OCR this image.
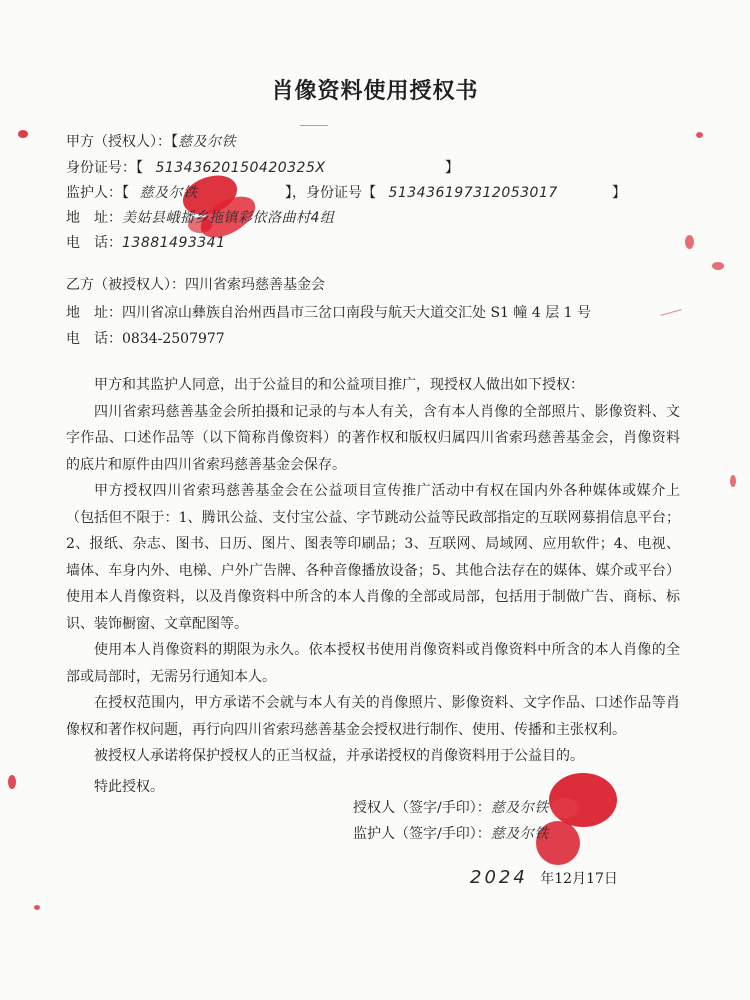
肖像资料使用授权书
甲方（授权人）：【慈及尔铁
身份证号：【 51343620150420325X	】
监护人：【 慈及尔铁	】，身份证号【 513436197312053017	】
地　址：美姑县峨播乡拖镇彩依洛曲村4组
电　话：13881493341
乙方（被授权人）：四川省索玛慈善基金会
地　址：四川省凉山彝族自治州西昌市三岔口南段与航天大道交汇处 S1 幢 4 层 1 号
电　话：0834-2507977

甲方和其监护人同意，出于公益目的和公益项目推广，现授权人做出如下授权：

四川省索玛慈善基金会所拍摄和记录的与本人有关，含有本人肖像的全部照片、影像资料、文字作品、口述作品等（以下简称肖像资料）的著作权和版权归属四川省索玛慈善基金会，肖像资料的底片和原件由四川省索玛慈善基金会保存。

甲方授权四川省索玛慈善基金会在公益项目宣传推广活动中有权在国内外各种媒体或媒介上（包括但不限于：1、腾讯公益、支付宝公益、字节跳动公益等民政部指定的互联网募捐信息平台；2、报纸、杂志、图书、日历、图片、图表等印刷品；3、互联网、局域网、应用软件；4、电视、墙体、车身内外、电梯、户外广告牌、各种音像播放设备；5、其他合法存在的媒体、媒介或平台）使用本人肖像资料，以及肖像资料中所含的本人肖像的全部或局部，包括用于制做广告、商标、标识、装饰橱窗、文章配图等。

使用本人肖像资料的期限为永久。依本授权书使用肖像资料或肖像资料中所含的本人肖像的全部或局部时，无需另行通知本人。

在授权范围内，甲方承诺不会就与本人有关的肖像照片、影像资料、文字作品、口述作品等肖像权和著作权问题，再行向四川省索玛慈善基金会授权进行制作、使用、传播和主张权利。

被授权人承诺将保护授权人的正当权益，并承诺授权的肖像资料用于公益目的。

特此授权。
授权人（签字/手印）：慈及尔铁
监护人（签字/手印）：慈及尔铁
2024 年12月17日
